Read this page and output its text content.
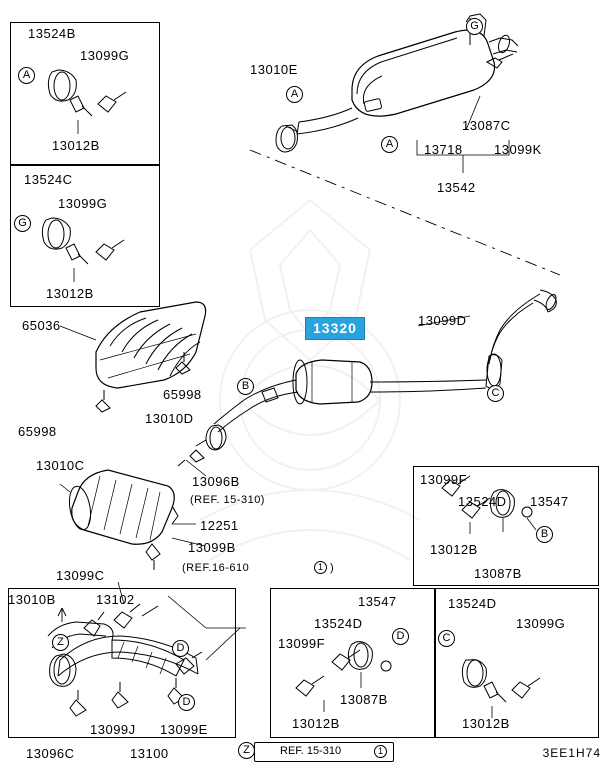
13524B
13099G
13012B
A
13524C
13099G
13012B
G
13010E
A
A
G
13087C
13718 13099K
13542
13320	13099D
B
C
65036
65998
65998
13010D
13096B
(REF. 15-310)
13010C
12251
13099B
(REF.16-610	1 )
13099C
13010B	13102
Z	D
D
13099J 13099E
13096C	13100
13099F
13524D 13547
13012B
13087B
B
13547
13524D
13099F
13087B
13012B
D
13524D
13099G
13012B
C
REF. 15-310
Z	1	3EE1H74
